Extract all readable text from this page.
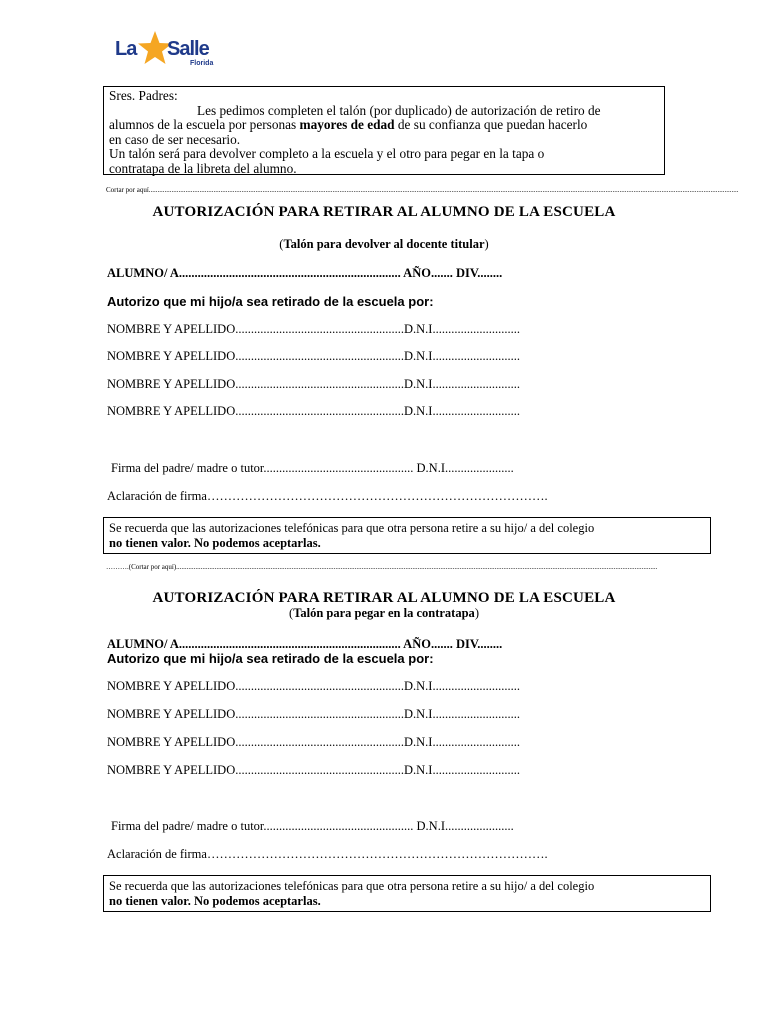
La Salle
Florida

Sres. Padres:

Les pedimos completen el talón (por duplicado) de autorización de retiro de

alumnos de la escuela por personas mayores de edad de su confianza que puedan hacerlo

en caso de ser necesario.

Un talón será para devolver completo a la escuela y el otro para pegar en la tapa o

contratapa de la libreta del alumno.

Cortar por aquí.................................................................................................................................................................................................................................................................................................................................................
AUTORIZACIÓN PARA RETIRAR AL ALUMNO DE LA ESCUELA
(Talón para devolver al docente titular)
ALUMNO/ A....................................................................... AÑO....... DIV........
Autorizo que mi hijo/a sea retirado de la escuela por:
NOMBRE Y APELLIDO......................................................D.N.I............................
NOMBRE Y APELLIDO......................................................D.N.I............................
NOMBRE Y APELLIDO......................................................D.N.I............................
NOMBRE Y APELLIDO......................................................D.N.I............................
Firma del padre/ madre o tutor................................................ D.N.I......................
Aclaración de firma……………………………………………………………………….

Se recuerda que las autorizaciones telefónicas para que otra persona retire a su hijo/ a del colegio

no tienen valor. No podemos aceptarlas.

……….(Cortar por aquí)...................................................................................................................................................................................................................................................................................
AUTORIZACIÓN PARA RETIRAR AL ALUMNO DE LA ESCUELA
(Talón para pegar en la contratapa)
ALUMNO/ A....................................................................... AÑO....... DIV........
Autorizo que mi hijo/a sea retirado de la escuela por:
NOMBRE Y APELLIDO......................................................D.N.I............................
NOMBRE Y APELLIDO......................................................D.N.I............................
NOMBRE Y APELLIDO......................................................D.N.I............................
NOMBRE Y APELLIDO......................................................D.N.I............................
Firma del padre/ madre o tutor................................................ D.N.I......................
Aclaración de firma……………………………………………………………………….

Se recuerda que las autorizaciones telefónicas para que otra persona retire a su hijo/ a del colegio

no tienen valor. No podemos aceptarlas.
